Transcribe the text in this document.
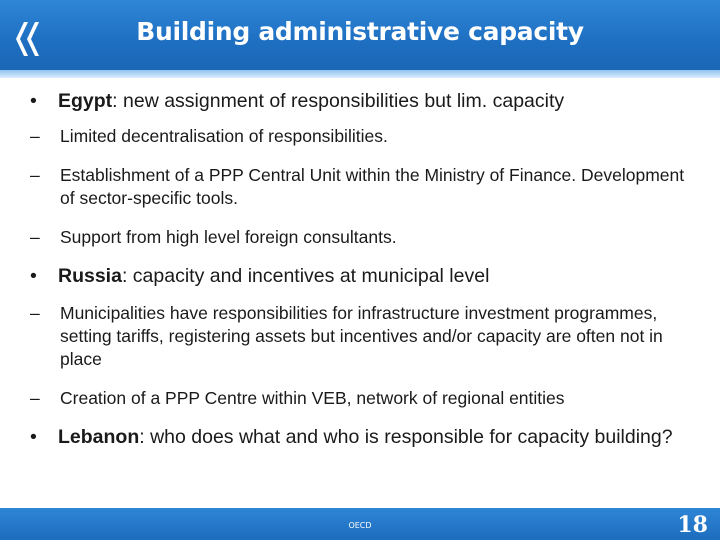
Building administrative capacity
• Egypt: new assignment of responsibilities but lim. capacity
– Limited decentralisation of responsibilities.
– Establishment of a PPP Central Unit within the Ministry of Finance. Development of sector-specific tools.
– Support from high level foreign consultants.
• Russia: capacity and incentives at municipal level
– Municipalities have responsibilities for infrastructure investment programmes, setting tariffs, registering assets but incentives and/or capacity are often not in place
– Creation of a PPP Centre within VEB, network of regional entities
• Lebanon: who does what and who is responsible for capacity building?
OECD	18
